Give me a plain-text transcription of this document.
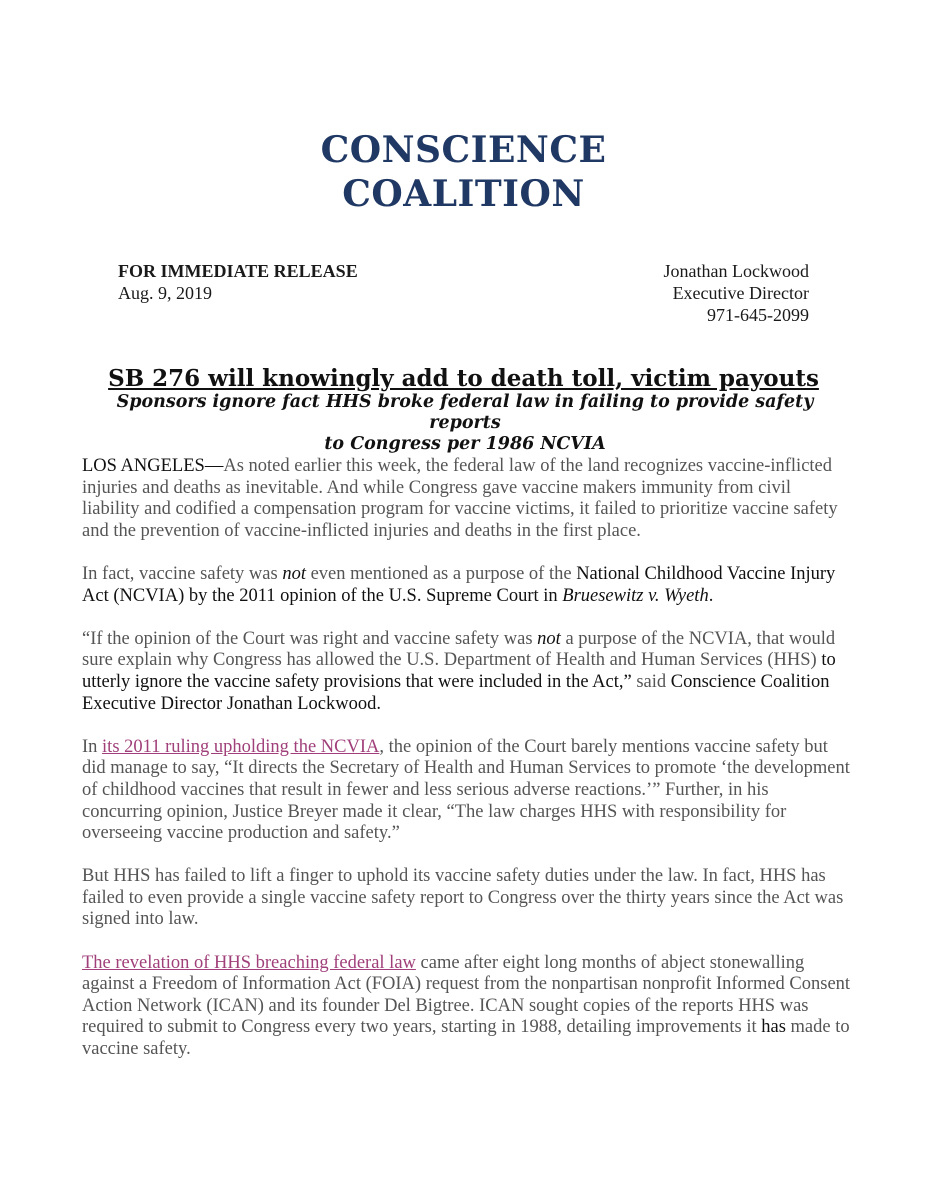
CONSCIENCE
COALITION
FOR IMMEDIATE RELEASE
Aug. 9, 2019
Jonathan Lockwood
Executive Director
971-645-2099
SB 276 will knowingly add to death toll, victim payouts
Sponsors ignore fact HHS broke federal law in failing to provide safety reports
to Congress per 1986 NCVIA

LOS ANGELES—As noted earlier this week, the federal law of the land recognizes vaccine-inflicted injuries and deaths as inevitable. And while Congress gave vaccine makers immunity from civil liability and codified a compensation program for vaccine victims, it failed to prioritize vaccine safety and the prevention of vaccine-inflicted injuries and deaths in the first place.

In fact, vaccine safety was not even mentioned as a purpose of the National Childhood Vaccine Injury Act (NCVIA) by the 2011 opinion of the U.S. Supreme Court in Bruesewitz v. Wyeth.

“If the opinion of the Court was right and vaccine safety was not a purpose of the NCVIA, that would sure explain why Congress has allowed the U.S. Department of Health and Human Services (HHS) to utterly ignore the vaccine safety provisions that were included in the Act,” said Conscience Coalition Executive Director Jonathan Lockwood.

In its 2011 ruling upholding the NCVIA, the opinion of the Court barely mentions vaccine safety but did manage to say, “It directs the Secretary of Health and Human Services to promote ‘the development of childhood vaccines that result in fewer and less serious adverse reactions.’” Further, in his concurring opinion, Justice Breyer made it clear, “The law charges HHS with responsibility for overseeing vaccine production and safety.”

But HHS has failed to lift a finger to uphold its vaccine safety duties under the law. In fact, HHS has failed to even provide a single vaccine safety report to Congress over the thirty years since the Act was signed into law.

The revelation of HHS breaching federal law came after eight long months of abject stonewalling against a Freedom of Information Act (FOIA) request from the nonpartisan nonprofit Informed Consent Action Network (ICAN) and its founder Del Bigtree. ICAN sought copies of the reports HHS was required to submit to Congress every two years, starting in 1988, detailing improvements it has made to vaccine safety.
